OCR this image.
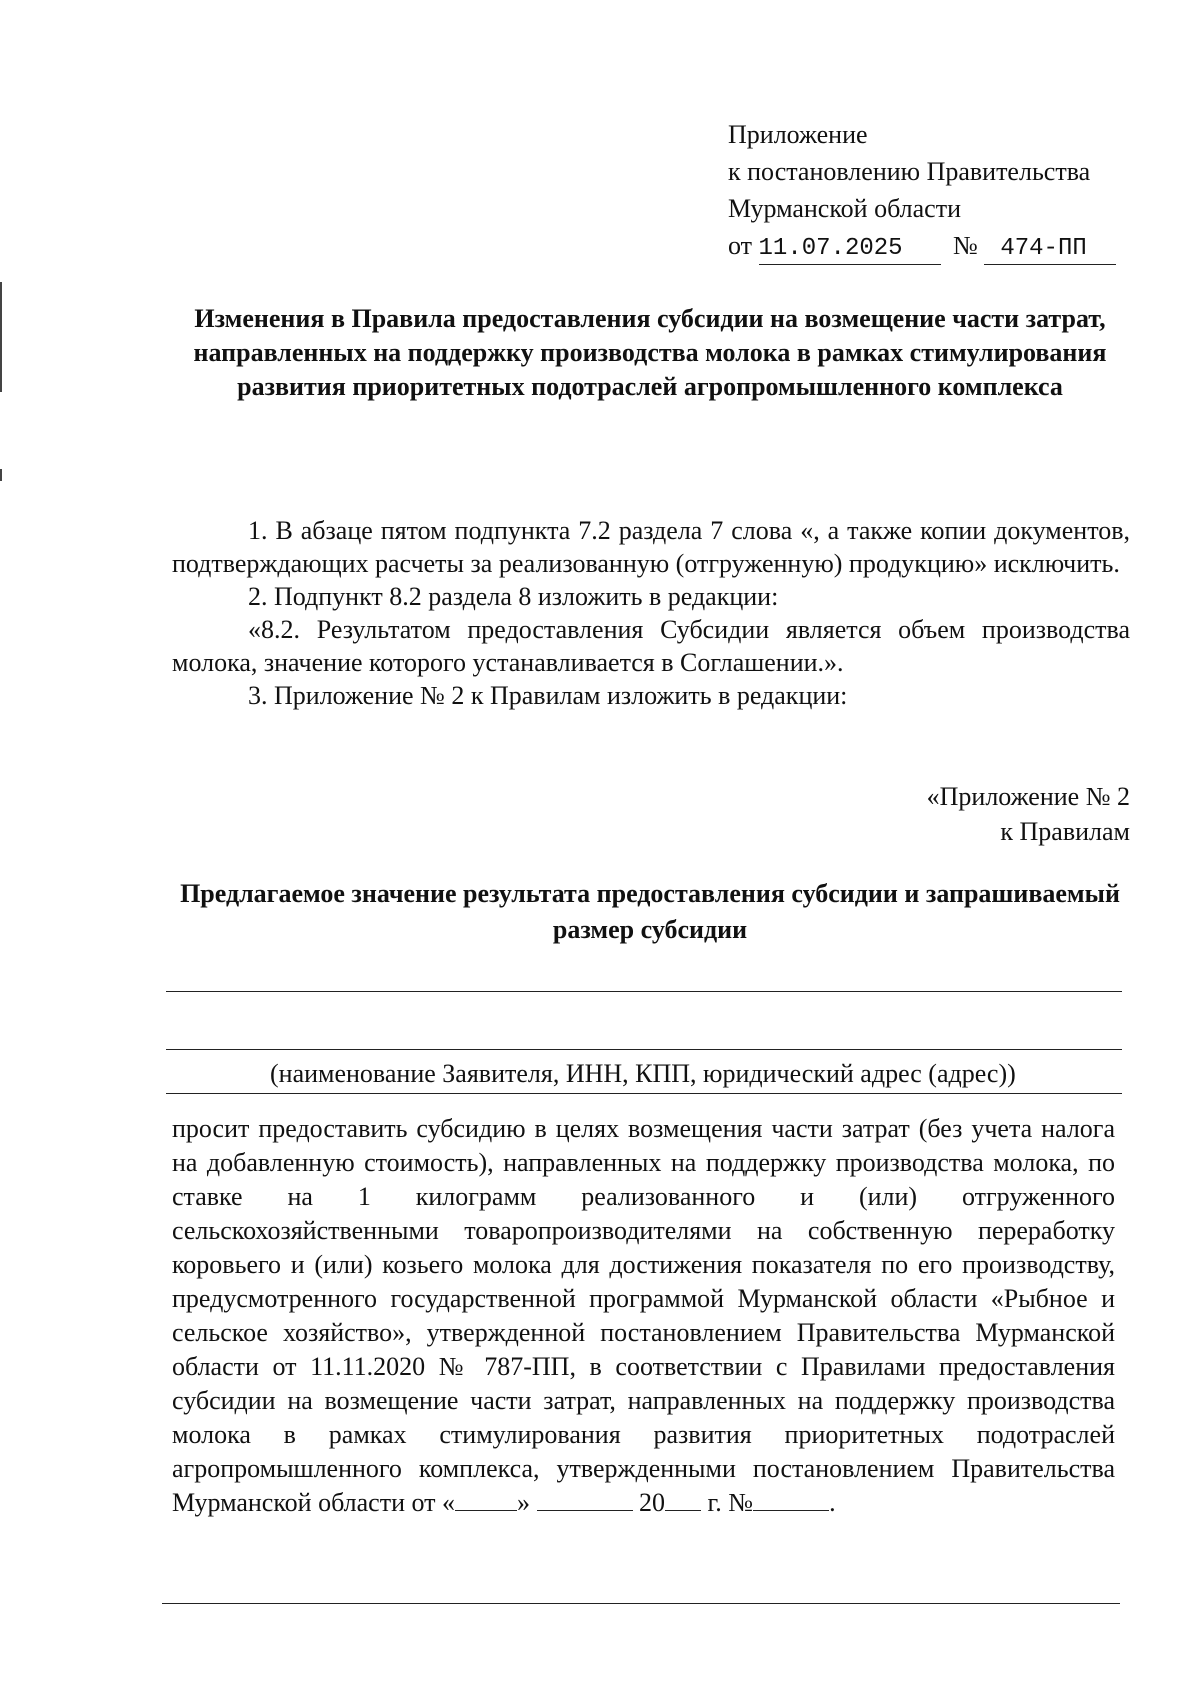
Приложение
к постановлению Правительства
Мурманской области
от 11.07.2025 № 474-ПП
Изменения в Правила предоставления субсидии на возмещение части затрат, направленных на поддержку производства молока в рамках стимулирования развития приоритетных подотраслей агропромышленного комплекса

1. В абзаце пятом подпункта 7.2 раздела 7 слова «, а также копии документов, подтверждающих расчеты за реализованную (отгруженную) продукцию» исключить.

2. Подпункт 8.2 раздела 8 изложить в редакции:

«8.2. Результатом предоставления Субсидии является объем производства молока, значение которого устанавливается в Соглашении.».

3. Приложение № 2 к Правилам изложить в редакции:

«Приложение № 2
к Правилам
Предлагаемое значение результата предоставления субсидии и запрашиваемый размер субсидии
(наименование Заявителя, ИНН, КПП, юридический адрес (адрес))

просит предоставить субсидию в целях возмещения части затрат (без учета налога на добавленную стоимость), направленных на поддержку производства молока, по ставке на 1 килограмм реализованного и (или) отгруженного сельскохозяйственными товаропроизводителями на собственную переработку коровьего и (или) козьего молока для достижения показателя по его производству, предусмотренного государственной программой Мурманской области «Рыбное и сельское хозяйство», утвержденной постановлением Правительства Мурманской области от 11.11.2020 № 787-ПП, в соответствии с Правилами предоставления субсидии на возмещение части затрат, направленных на поддержку производства молока в рамках стимулирования развития приоритетных подотраслей агропромышленного комплекса, утвержденными постановлением Правительства Мурманской области от « »	20 г. №	.
